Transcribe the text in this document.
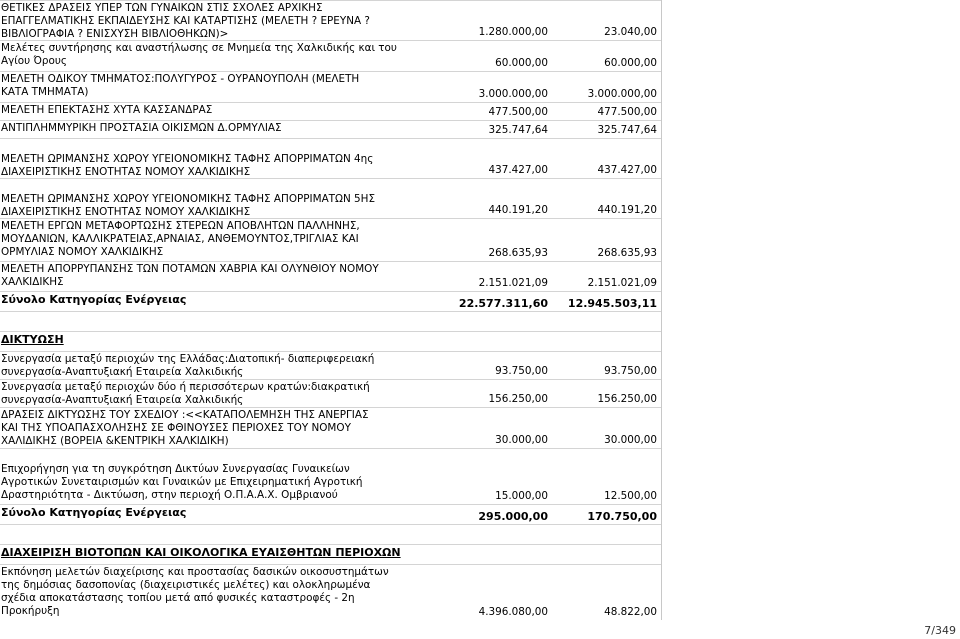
ΘΕΤΙΚΕΣ ΔΡΑΣΕΙΣ ΥΠΕΡ ΤΩΝ ΓΥΝΑΙΚΩΝ ΣΤΙΣ ΣΧΟΛΕΣ ΑΡΧΙΚΗΣ
ΕΠΑΓΓΕΛΜΑΤΙΚΗΣ ΕΚΠΑΙΔΕΥΣΗΣ ΚΑΙ ΚΑΤΑΡΤΙΣΗΣ (ΜΕΛΕΤΗ ? ΕΡΕΥΝΑ ?
ΒΙΒΛΙΟΓΡΑΦΙΑ ? ΕΝΙΣΧΥΣΗ ΒΙΒΛΙΟΘΗΚΩΝ)>	1.280.000,00	23.040,00
Μελέτες συντήρησης και αναστήλωσης σε Μνημεία της Χαλκιδικής και του
Αγίου Όρους	60.000,00	60.000,00
ΜΕΛΕΤΗ ΟΔΙΚΟΥ ΤΜΗΜΑΤΟΣ:ΠΟΛΥΓΥΡΟΣ - ΟΥΡΑΝΟΥΠΟΛΗ (ΜΕΛΕΤΗ
ΚΑΤΑ ΤΜΗΜΑΤΑ)	3.000.000,00	3.000.000,00
ΜΕΛΕΤΗ ΕΠΕΚΤΑΣΗΣ ΧΥΤΑ ΚΑΣΣΑΝΔΡΑΣ	477.500,00	477.500,00
ΑΝΤΙΠΛΗΜΜΥΡΙΚΗ ΠΡΟΣΤΑΣΙΑ ΟΙΚΙΣΜΩΝ Δ.ΟΡΜΥΛΙΑΣ	325.747,64	325.747,64

ΜΕΛΕΤΗ ΩΡΙΜΑΝΣΗΣ ΧΩΡΟΥ ΥΓΕΙΟΝΟΜΙΚΗΣ ΤΑΦΗΣ ΑΠΟΡΡΙΜΑΤΩΝ 4ης
ΔΙΑΧΕΙΡΙΣΤΙΚΗΣ ΕΝΟΤΗΤΑΣ ΝΟΜΟΥ ΧΑΛΚΙΔΙΚΗΣ	437.427,00	437.427,00

ΜΕΛΕΤΗ ΩΡΙΜΑΝΣΗΣ ΧΩΡΟΥ ΥΓΕΙΟΝΟΜΙΚΗΣ ΤΑΦΗΣ ΑΠΟΡΡΙΜΑΤΩΝ 5ΗΣ
ΔΙΑΧΕΙΡΙΣΤΙΚΗΣ ΕΝΟΤΗΤΑΣ ΝΟΜΟΥ ΧΑΛΚΙΔΙΚΗΣ	440.191,20	440.191,20
ΜΕΛΕΤΗ ΕΡΓΩΝ ΜΕΤΑΦΟΡΤΩΣΗΣ ΣΤΕΡΕΩΝ ΑΠΟΒΛΗΤΩΝ ΠΑΛΛΗΝΗΣ,
ΜΟΥΔΑΝΙΩΝ, ΚΑΛΛΙΚΡΑΤΕΙΑΣ,ΑΡΝΑΙΑΣ, ΑΝΘΕΜΟΥΝΤΟΣ,ΤΡΙΓΛΙΑΣ ΚΑΙ
ΟΡΜΥΛΙΑΣ ΝΟΜΟΥ ΧΑΛΚΙΔΙΚΗΣ	268.635,93	268.635,93
ΜΕΛΕΤΗ ΑΠΟΡΡΥΠΑΝΣΗΣ ΤΩΝ ΠΟΤΑΜΩΝ ΧΑΒΡΙΑ ΚΑΙ ΟΛΥΝΘΙΟΥ ΝΟΜΟΥ
ΧΑΛΚΙΔΙΚΗΣ	2.151.021,09	2.151.021,09
Σύνολο Κατηγορίας Ενέργειας	22.577.311,60 12.945.503,11
ΔΙΚΤΥΩΣΗ
Συνεργασία μεταξύ περιοχών της Ελλάδας:Διατοπική- διαπεριφερειακή
συνεργασία-Αναπτυξιακή Εταιρεία Χαλκιδικής	93.750,00	93.750,00
Συνεργασία μεταξύ περιοχών δύο ή περισσότερων κρατών:διακρατική
συνεργασία-Αναπτυξιακή Εταιρεία Χαλκιδικής	156.250,00	156.250,00
ΔΡΑΣΕΙΣ ΔΙΚΤΥΩΣΗΣ ΤΟΥ ΣΧΕΔΙΟΥ :<<ΚΑΤΑΠΟΛΕΜΗΣΗ ΤΗΣ ΑΝΕΡΓΙΑΣ
ΚΑΙ ΤΗΣ ΥΠΟΑΠΑΣΧΟΛΗΣΗΣ ΣΕ ΦΘΙΝΟΥΣΕΣ ΠΕΡΙΟΧΕΣ ΤΟΥ ΝΟΜΟΥ
ΧΑΛΙΔΙΚΗΣ (ΒΟΡΕΙΑ &ΚΕΝΤΡΙΚΗ ΧΑΛΚΙΔΙΚΗ)	30.000,00	30.000,00

Επιχορήγηση για τη συγκρότηση Δικτύων Συνεργασίας Γυναικείων
Αγροτικών Συνεταιρισμών και Γυναικών με Επιχειρηματική Αγροτική
Δραστηριότητα - Δικτύωση, στην περιοχή Ο.Π.Α.Α.Χ. Ομβριανού	15.000,00	12.500,00
Σύνολο Κατηγορίας Ενέργειας	295.000,00	170.750,00
ΔΙΑΧΕΙΡΙΣΗ ΒΙΟΤΟΠΩΝ ΚΑΙ ΟΙΚΟΛΟΓΙΚΑ ΕΥΑΙΣΘΗΤΩΝ ΠΕΡΙΟΧΩΝ
Εκπόνηση μελετών διαχείρισης και προστασίας δασικών οικοσυστημάτων
της δημόσιας δασοπονίας (διαχειριστικές μελέτες) και ολοκληρωμένα
σχέδια αποκατάστασης τοπίου μετά από φυσικές καταστροφές - 2η
Προκήρυξη	4.396.080,00	48.822,00
7/349
